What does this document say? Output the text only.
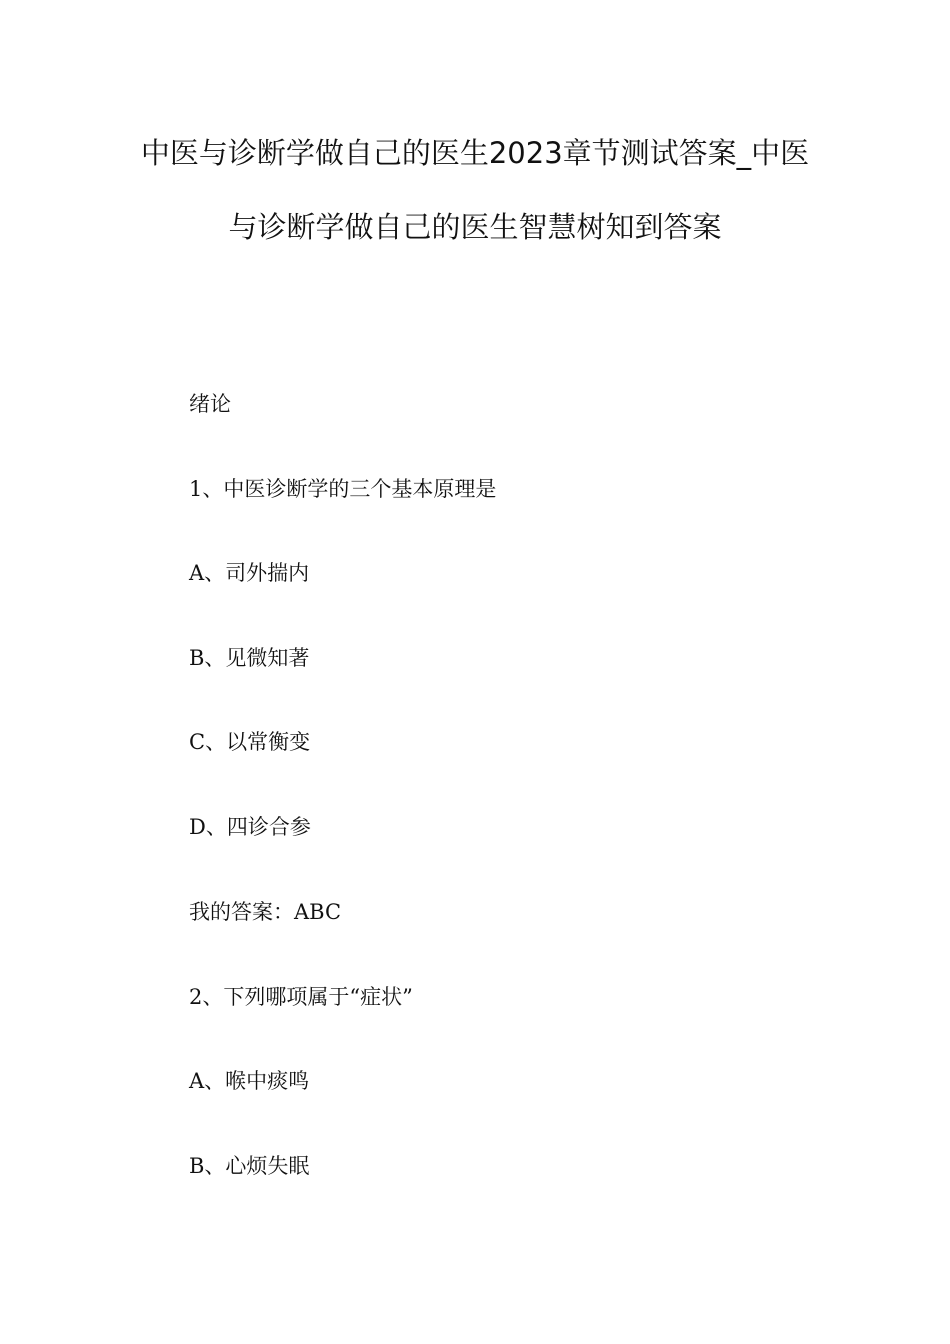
中医与诊断学做自己的医生2023章节测试答案_中医
与诊断学做自己的医生智慧树知到答案
绪论
1、中医诊断学的三个基本原理是
A、司外揣内
B、见微知著
C、以常衡变
D、四诊合参
我的答案：ABC
2、下列哪项属于“症状”
A、喉中痰鸣
B、心烦失眠
